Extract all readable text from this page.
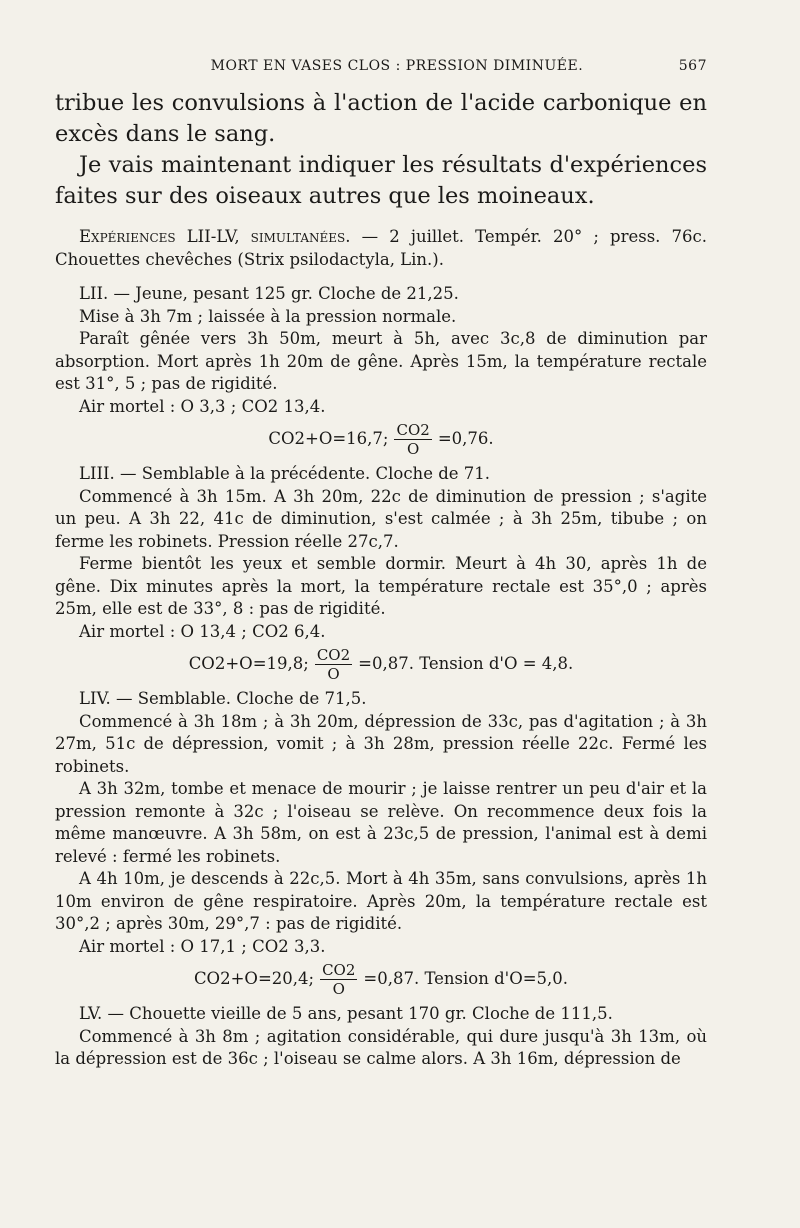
MORT EN VASES CLOS : PRESSION DIMINUÉE.	567

tribue les convulsions à l'action de l'acide carbonique en excès dans le sang.

Je vais maintenant indiquer les résultats d'expériences faites sur des oiseaux autres que les moineaux.

Expériences LII-LV, simultanées. — 2 juillet. Tempér. 20° ; press. 76c. Chouettes chevêches (Strix psilodactyla, Lin.).

LII. — Jeune, pesant 125 gr. Cloche de 21,25.

Mise à 3h 7m ; laissée à la pression normale.

Paraît gênée vers 3h 50m, meurt à 5h, avec 3c,8 de diminution par absorption. Mort après 1h 20m de gêne. Après 15m, la température rectale est 31°, 5 ; pas de rigidité.

Air mortel : O 3,3 ; CO2 13,4.

CO2+O=16,7; $\frac{CO2}{O} =0,76$.

LIII. — Semblable à la précédente. Cloche de 71.

Commencé à 3h 15m. A 3h 20m, 22c de diminution de pression ; s'agite un peu. A 3h 22, 41c de diminution, s'est calmée ; à 3h 25m, tibube ; on ferme les robinets. Pression réelle 27c,7.

Ferme bientôt les yeux et semble dormir. Meurt à 4h 30, après 1h de gêne. Dix minutes après la mort, la température rectale est 35°,0 ; après 25m, elle est de 33°, 8 : pas de rigidité.

Air mortel : O 13,4 ; CO2 6,4.

CO2+O=19,8; $\frac{CO2}{O} =0,87$. Tension d'O = 4,8.

LIV. — Semblable. Cloche de 71,5.

Commencé à 3h 18m ; à 3h 20m, dépression de 33c, pas d'agitation ; à 3h 27m, 51c de dépression, vomit ; à 3h 28m, pression réelle 22c. Fermé les robinets.

A 3h 32m, tombe et menace de mourir ; je laisse rentrer un peu d'air et la pression remonte à 32c ; l'oiseau se relève. On recommence deux fois la même manœuvre. A 3h 58m, on est à 23c,5 de pression, l'animal est à demi relevé : fermé les robinets.

A 4h 10m, je descends à 22c,5. Mort à 4h 35m, sans convulsions, après 1h 10m environ de gêne respiratoire. Après 20m, la température rectale est 30°,2 ; après 30m, 29°,7 : pas de rigidité.

Air mortel : O 17,1 ; CO2 3,3.

CO2+O=20,4; $\frac{CO2}{O} =0,87$. Tension d'O=5,0.

LV. — Chouette vieille de 5 ans, pesant 170 gr. Cloche de 111,5.

Commencé à 3h 8m ; agitation considérable, qui dure jusqu'à 3h 13m, où la dépression est de 36c ; l'oiseau se calme alors. A 3h 16m, dépression de
